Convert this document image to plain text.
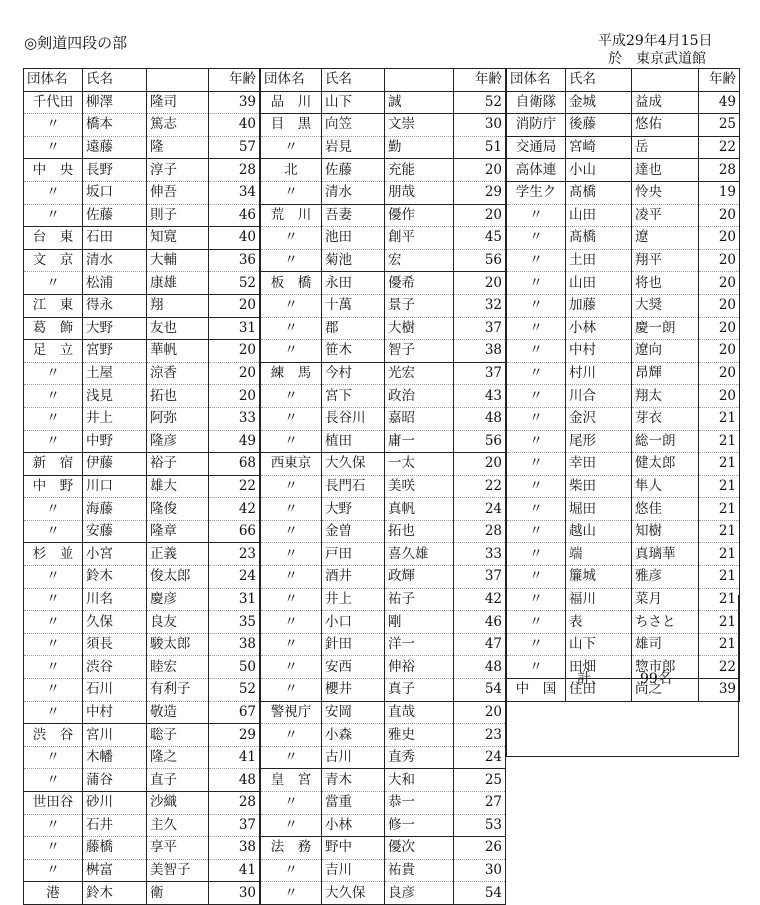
◎剣道四段の部	平成29年4月15日
於　東京武道館
団体名	氏名		年齢
千代田	柳澤	隆司	39
〃	橋本	篤志	40
〃	遠藤	隆	57
中　央	長野	淳子	28
〃	坂口	伸吾	34
〃	佐藤	則子	46
台　東	石田	知寛	40
文　京	清水	大輔	36
〃	松浦	康雄	52
江　東	得永	翔	20
葛　飾	大野	友也	31
足　立	宮野	華帆	20
〃	土屋	涼香	20
〃	浅見	拓也	20
〃	井上	阿弥	33
〃	中野	隆彦	49
新　宿	伊藤	裕子	68
中　野	川口	雄大	22
〃	海藤	隆俊	42
〃	安藤	隆章	66
杉　並	小宮	正義	23
〃	鈴木	俊太郎	24
〃	川名	慶彦	31
〃	久保	良友	35
〃	須長	駿太郎	38
〃	渋谷	睦宏	50
〃	石川	有利子	52
〃	中村	敬造	67
渋　谷	宮川	聡子	29
〃	木幡	隆之	41
〃	蒲谷	直子	48
世田谷	砂川	沙織	28
〃	石井	主久	37
〃	藤橋	享平	38
〃	桝富	美智子	41
港	鈴木	衛	30
団体名	氏名		年齢
品　川	山下	誠	52
目　黒	向笠	文崇	30
〃	岩見	勤	51
北	佐藤	充能	20
〃	清水	朋哉	29
荒　川	吾妻	優作	20
〃	池田	創平	45
〃	菊池	宏	56
板　橋	永田	優希	20
〃	十萬	景子	32
〃	郡	大樹	37
〃	笹木	智子	38
練　馬	今村	光宏	37
〃	宮下	政治	43
〃	長谷川	嘉昭	48
〃	植田	庸一	56
西東京	大久保	一太	20
〃	長門石	美咲	22
〃	大野	真帆	24
〃	金曽	拓也	28
〃	戸田	喜久雄	33
〃	酒井	政輝	37
〃	井上	祐子	42
〃	小口	剛	46
〃	針田	洋一	47
〃	安西	伸裕	48
〃	櫻井	真子	54
警視庁	安岡	直哉	20
〃	小森	雅史	23
〃	古川	直秀	24
皇　宮	青木	大和	25
〃	當重	恭一	27
〃	小林	修一	53
法　務	野中	優次	26
〃	吉川	祐貴	30
〃	大久保	良彦	54
団体名	氏名		年齢
自衛隊	金城	益成	49
消防庁	後藤	悠佑	25
交通局	宮崎	岳	22
高体連	小山	達也	28
学生ク	髙橋	怜央	19
〃	山田	凌平	20
〃	髙橋	遼	20
〃	土田	翔平	20
〃	山田	将也	20
〃	加藤	大奨	20
〃	小林	慶一朗	20
〃	中村	遼向	20
〃	村川	昂輝	20
〃	川合	翔太	20
〃	金沢	芽衣	21
〃	尾形	総一朗	21
〃	幸田	健太郎	21
〃	柴田	隼人	21
〃	堀田	悠佳	21
〃	越山	知樹	21
〃	端	真璃華	21
〃	簾城	雅彦	21
〃	福川	菜月	21
〃	表	ちさと	21
〃	山下	雄司	21
〃	田畑	惣市郎	22
中　国	住田	尚之	39
計、	99名
